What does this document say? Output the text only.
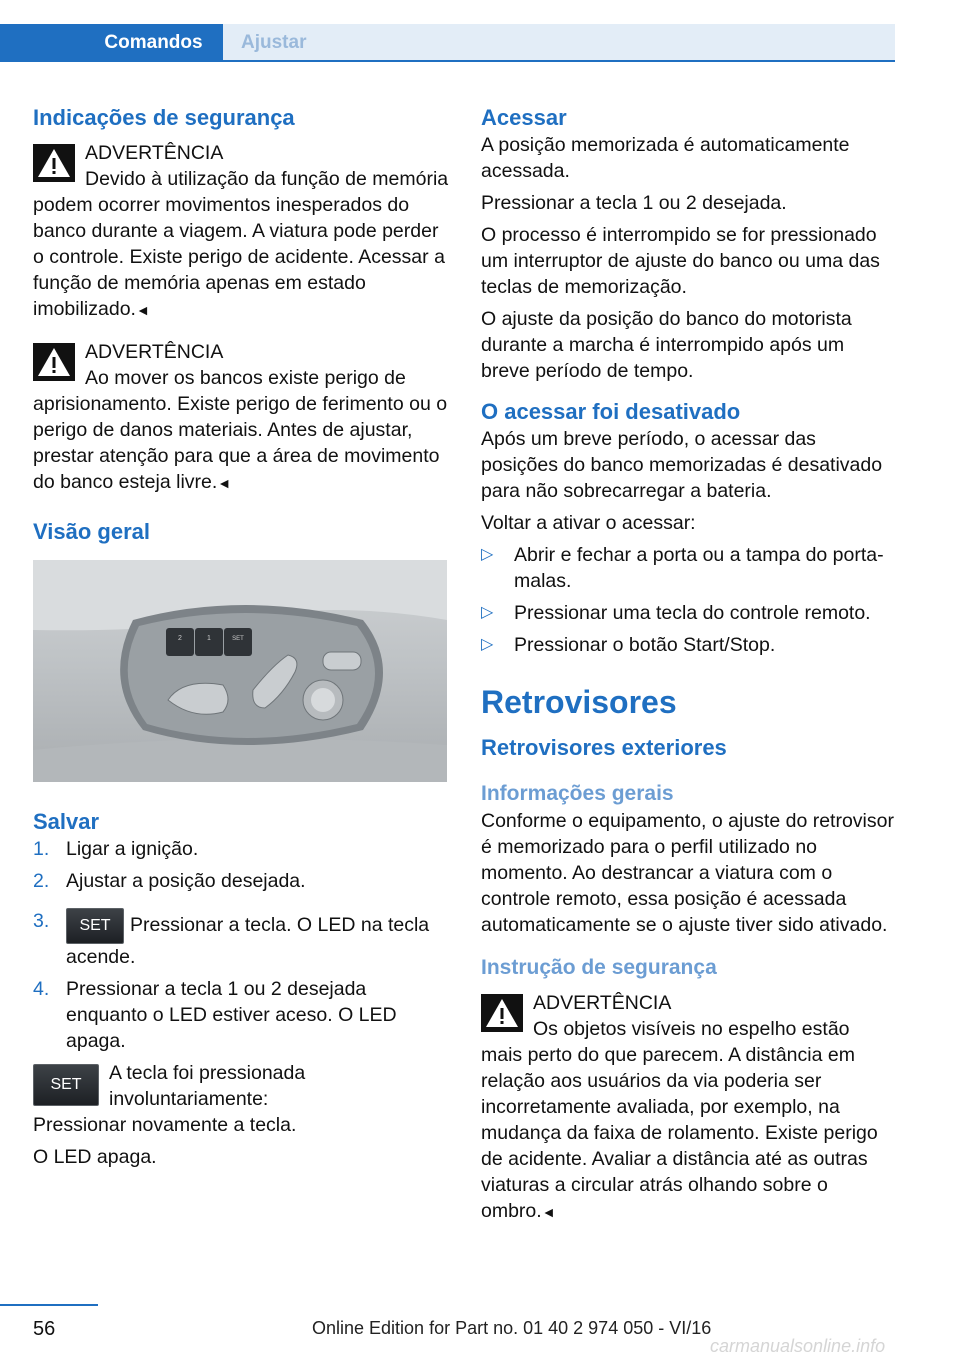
Comandos	Ajustar
Indicações de segurança
ADVERTÊNCIA
Devido à utilização da função de memória podem ocorrer movimentos inesperados do banco durante a viagem. A viatura pode perder o controle. Existe perigo de acidente. Acessar a função de memória apenas em estado imobilizado.◄
ADVERTÊNCIA
Ao mover os bancos existe perigo de aprisionamento. Existe perigo de ferimento ou o perigo de danos materiais. Antes de ajustar, prestar atenção para que a área de movimento do banco esteja livre.◄
Visão geral
2	1	SET
Salvar
1. Ligar a ignição.
2. Ajustar a posição desejada.
3. SET Pressionar a tecla. O LED na tecla acende.
4. Pressionar a tecla 1 ou 2 desejada enquanto o LED estiver aceso. O LED apaga.
SET
A tecla foi pressionada involuntariamente:

Pressionar novamente a tecla.

O LED apaga.

Acessar

A posição memorizada é automaticamente acessada.

Pressionar a tecla 1 ou 2 desejada.

O processo é interrompido se for pressionado um interruptor de ajuste do banco ou uma das teclas de memorização.

O ajuste da posição do banco do motorista durante a marcha é interrompido após um breve período de tempo.

O acessar foi desativado

Após um breve período, o acessar das posições do banco memorizadas é desativado para não sobrecarregar a bateria.

Voltar a ativar o acessar:

▷ Abrir e fechar a porta ou a tampa do porta-malas.
▷ Pressionar uma tecla do controle remoto.
▷ Pressionar o botão Start/Stop.
Retrovisores
Retrovisores exteriores
Informações gerais

Conforme o equipamento, o ajuste do retrovisor é memorizado para o perfil utilizado no momento. Ao destrancar a viatura com o controle remoto, essa posição é acessada automaticamente se o ajuste tiver sido ativado.

Instrução de segurança
ADVERTÊNCIA
Os objetos visíveis no espelho estão mais perto do que parecem. A distância em relação aos usuários da via poderia ser incorretamente avaliada, por exemplo, na mudança da faixa de rolamento. Existe perigo de acidente. Avaliar a distância até as outras viaturas a circular atrás olhando sobre o ombro.◄
56	Online Edition for Part no. 01 40 2 974 050 - VI/16
carmanualsonline.info
